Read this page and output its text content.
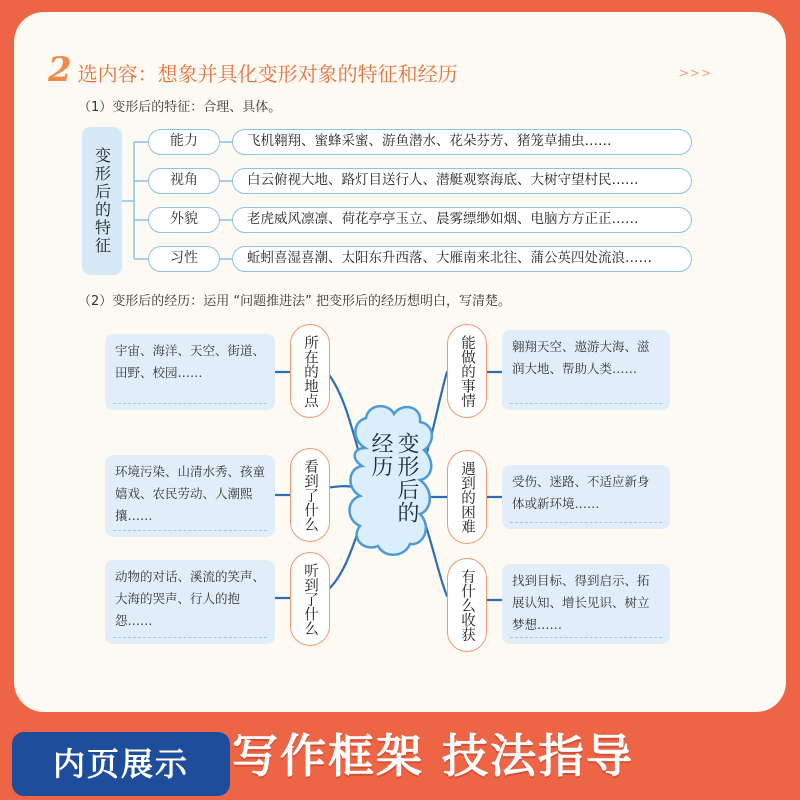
2 选内容：想象并具化变形对象的特征和经历	>>>
（1）变形后的特征：合理、具体。
变形后的特征
能力	飞机翱翔、蜜蜂采蜜、游鱼潜水、花朵芬芳、猪笼草捕虫……
视角	白云俯视大地、路灯目送行人、潜艇观察海底、大树守望村民……
外貌	老虎威风凛凛、荷花亭亭玉立、晨雾缥缈如烟、电脑方方正正……
习性	蚯蚓喜湿喜潮、太阳东升西落、大雁南来北往、蒲公英四处流浪……
（2）变形后的经历：运用 “问题推进法” 把变形后的经历想明白，写清楚。
变形后的经历
宇宙、海洋、天空、街道、田野、校园……	所在的地点
环境污染、山清水秀、孩童嬉戏、农民劳动、人潮熙攘……	看到了什么
动物的对话、溪流的笑声、大海的哭声、行人的抱怨……	听到了什么
能做的事情	翱翔天空、遨游大海、滋润大地、帮助人类……
遇到的困难	受伤、迷路、不适应新身体或新环境……
有什么收获	找到目标、得到启示、拓展认知、增长见识、树立梦想……
内页展示 写作框架 技法指导
